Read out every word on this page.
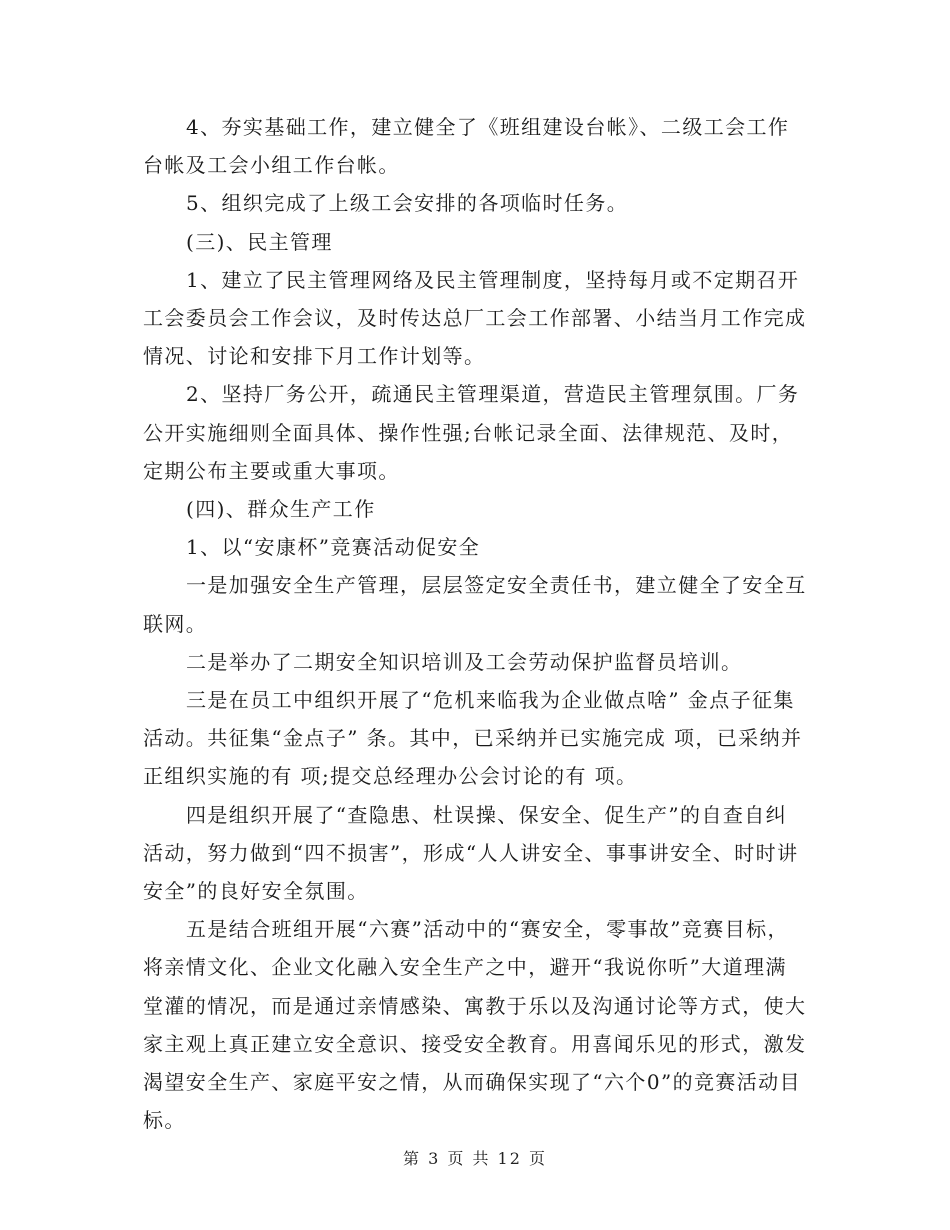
4、夯实基础工作，建立健全了《班组建设台帐》、二级工会工作台帐及工会小组工作台帐。

5、组织完成了上级工会安排的各项临时任务。

(三)、民主管理

1、建立了民主管理网络及民主管理制度，坚持每月或不定期召开工会委员会工作会议，及时传达总厂工会工作部署、小结当月工作完成情况、讨论和安排下月工作计划等。

2、坚持厂务公开，疏通民主管理渠道，营造民主管理氛围。厂务公开实施细则全面具体、操作性强;台帐记录全面、法律规范、及时，定期公布主要或重大事项。

(四)、群众生产工作

1、以“安康杯”竞赛活动促安全

一是加强安全生产管理，层层签定安全责任书，建立健全了安全互联网。

二是举办了二期安全知识培训及工会劳动保护监督员培训。

三是在员工中组织开展了“危机来临我为企业做点啥” 金点子征集活动。共征集“金点子” 条。其中，已采纳并已实施完成 项，已采纳并正组织实施的有 项;提交总经理办公会讨论的有 项。

四是组织开展了“查隐患、杜误操、保安全、促生产”的自查自纠活动，努力做到“四不损害”，形成“人人讲安全、事事讲安全、时时讲安全”的良好安全氛围。

五是结合班组开展“六赛”活动中的“赛安全，零事故”竞赛目标，将亲情文化、企业文化融入安全生产之中，避开“我说你听”大道理满堂灌的情况，而是通过亲情感染、寓教于乐以及沟通讨论等方式，使大家主观上真正建立安全意识、接受安全教育。用喜闻乐见的形式，激发渴望安全生产、家庭平安之情，从而确保实现了“六个0”的竞赛活动目标。

第 3 页 共 12 页
